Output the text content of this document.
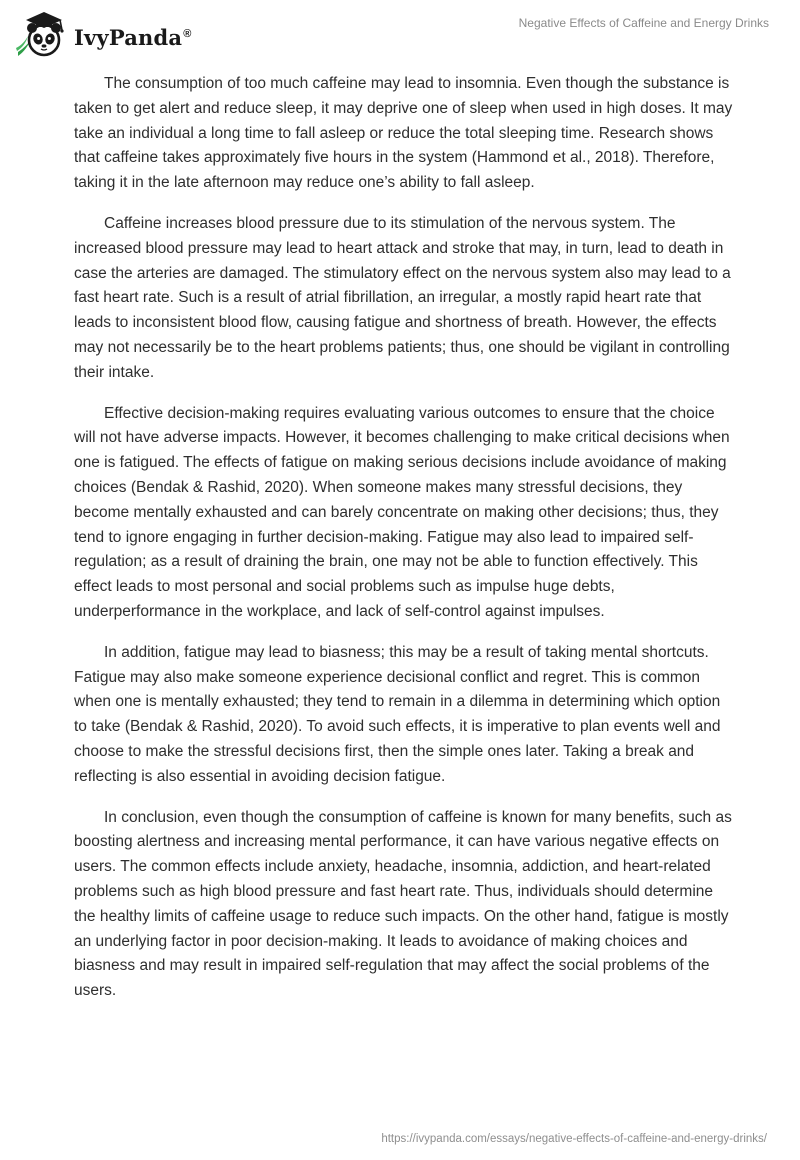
IvyPanda®
Negative Effects of Caffeine and Energy Drinks

The consumption of too much caffeine may lead to insomnia. Even though the substance is taken to get alert and reduce sleep, it may deprive one of sleep when used in high doses. It may take an individual a long time to fall asleep or reduce the total sleeping time. Research shows that caffeine takes approximately five hours in the system (Hammond et al., 2018). Therefore, taking it in the late afternoon may reduce one’s ability to fall asleep.

Caffeine increases blood pressure due to its stimulation of the nervous system. The increased blood pressure may lead to heart attack and stroke that may, in turn, lead to death in case the arteries are damaged. The stimulatory effect on the nervous system also may lead to a fast heart rate. Such is a result of atrial fibrillation, an irregular, a mostly rapid heart rate that leads to inconsistent blood flow, causing fatigue and shortness of breath. However, the effects may not necessarily be to the heart problems patients; thus, one should be vigilant in controlling their intake.

Effective decision-making requires evaluating various outcomes to ensure that the choice will not have adverse impacts. However, it becomes challenging to make critical decisions when one is fatigued. The effects of fatigue on making serious decisions include avoidance of making choices (Bendak & Rashid, 2020). When someone makes many stressful decisions, they become mentally exhausted and can barely concentrate on making other decisions; thus, they tend to ignore engaging in further decision-making. Fatigue may also lead to impaired self-regulation; as a result of draining the brain, one may not be able to function effectively. This effect leads to most personal and social problems such as impulse huge debts, underperformance in the workplace, and lack of self-control against impulses.

In addition, fatigue may lead to biasness; this may be a result of taking mental shortcuts. Fatigue may also make someone experience decisional conflict and regret. This is common when one is mentally exhausted; they tend to remain in a dilemma in determining which option to take (Bendak & Rashid, 2020). To avoid such effects, it is imperative to plan events well and choose to make the stressful decisions first, then the simple ones later. Taking a break and reflecting is also essential in avoiding decision fatigue.

In conclusion, even though the consumption of caffeine is known for many benefits, such as boosting alertness and increasing mental performance, it can have various negative effects on users. The common effects include anxiety, headache, insomnia, addiction, and heart-related problems such as high blood pressure and fast heart rate. Thus, individuals should determine the healthy limits of caffeine usage to reduce such impacts. On the other hand, fatigue is mostly an underlying factor in poor decision-making. It leads to avoidance of making choices and biasness and may result in impaired self-regulation that may affect the social problems of the users.

https://ivypanda.com/essays/negative-effects-of-caffeine-and-energy-drinks/
